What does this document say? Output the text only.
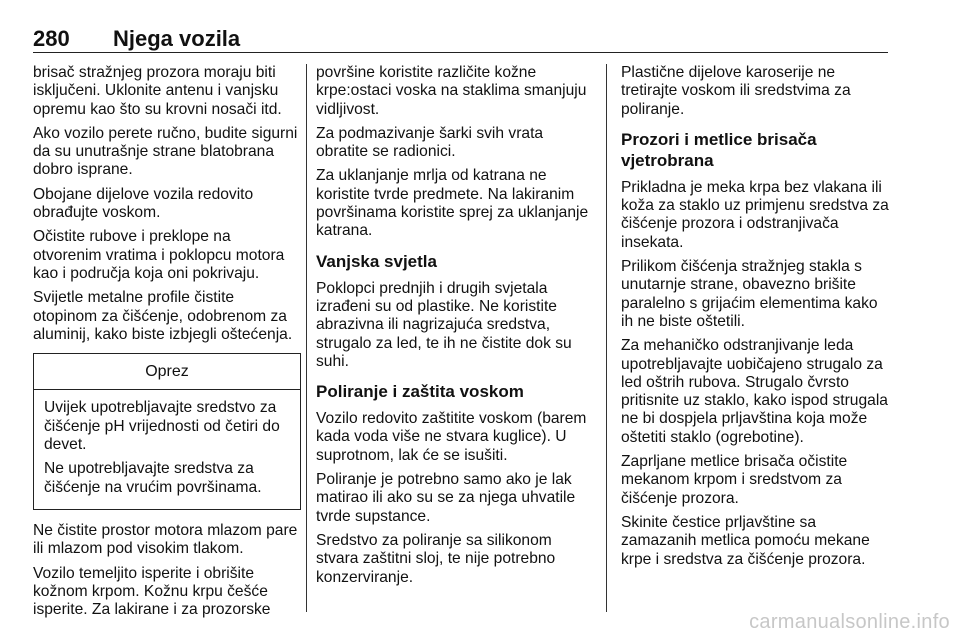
280 Njega vozila

brisač stražnjeg prozora moraju biti isključeni. Uklonite antenu i vanjsku opremu kao što su krovni nosači itd.

Ako vozilo perete ručno, budite sigurni da su unutrašnje strane blatobrana dobro isprane.

Obojane dijelove vozila redovito obrađujte voskom.

Očistite rubove i preklope na otvorenim vratima i poklopcu motora kao i područja koja oni pokrivaju.

Svijetle metalne profile čistite otopinom za čišćenje, odobrenom za aluminij, kako biste izbjegli oštećenja.

Oprez

Uvijek upotrebljavajte sredstvo za čišćenje pH vrijednosti od četiri do devet.

Ne upotrebljavajte sredstva za čišćenje na vrućim površinama.

Ne čistite prostor motora mlazom pare ili mlazom pod visokim tlakom.

Vozilo temeljito isperite i obrišite kožnom krpom. Kožnu krpu češće isperite. Za lakirane i za prozorske

površine koristite različite kožne krpe:ostaci voska na staklima smanjuju vidljivost.

Za podmazivanje šarki svih vrata obratite se radionici.

Za uklanjanje mrlja od katrana ne koristite tvrde predmete. Na lakiranim površinama koristite sprej za uklanjanje katrana.

Vanjska svjetla

Poklopci prednjih i drugih svjetala izrađeni su od plastike. Ne koristite abrazivna ili nagrizajuća sredstva, strugalo za led, te ih ne čistite dok su suhi.

Poliranje i zaštita voskom

Vozilo redovito zaštitite voskom (barem kada voda više ne stvara kuglice). U suprotnom, lak će se isušiti.

Poliranje je potrebno samo ako je lak matirao ili ako su se za njega uhvatile tvrde supstance.

Sredstvo za poliranje sa silikonom stvara zaštitni sloj, te nije potrebno konzerviranje.

Plastične dijelove karoserije ne tretirajte voskom ili sredstvima za poliranje.

Prozori i metlice brisača vjetrobrana

Prikladna je meka krpa bez vlakana ili koža za staklo uz primjenu sredstva za čišćenje prozora i odstranjivača insekata.

Prilikom čišćenja stražnjeg stakla s unutarnje strane, obavezno brišite paralelno s grijaćim elementima kako ih ne biste oštetili.

Za mehaničko odstranjivanje leda upotrebljavajte uobičajeno strugalo za led oštrih rubova. Strugalo čvrsto pritisnite uz staklo, kako ispod strugala ne bi dospjela prljavština koja može oštetiti staklo (ogrebotine).

Zaprljane metlice brisača očistite mekanom krpom i sredstvom za čišćenje prozora.

Skinite čestice prljavštine sa zamazanih metlica pomoću mekane krpe i sredstva za čišćenje prozora.

carmanualsonline.info
